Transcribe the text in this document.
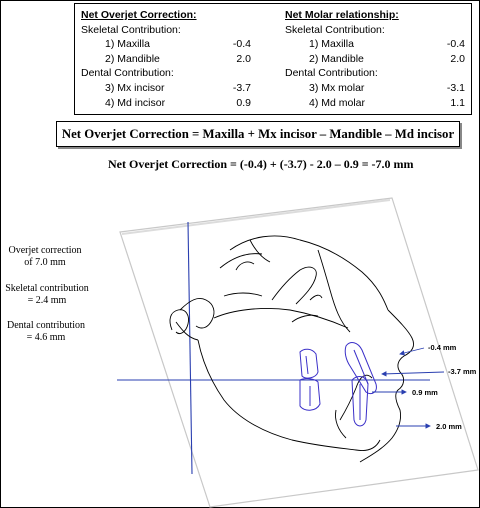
Net Overjet Correction:
Skeletal Contribution:
1) Maxilla	-0.4
2) Mandible	2.0
Dental Contribution:
3) Mx incisor	-3.7
4) Md incisor	0.9
Net Molar relationship:
Skeletal Contribution:
1) Maxilla	-0.4
2) Mandible	2.0
Dental Contribution:
3) Mx molar	-3.1
4) Md molar	1.1
Net Overjet Correction = Maxilla + Mx incisor – Mandible – Md incisor
Net Overjet Correction = (-0.4) + (-3.7) - 2.0 – 0.9 = -7.0 mm
Overjet correction
of 7.0 mm
Skeletal contribution
= 2.4 mm
Dental contribution
= 4.6 mm
-0.4 mm
-3.7 mm
0.9 mm
2.0 mm
